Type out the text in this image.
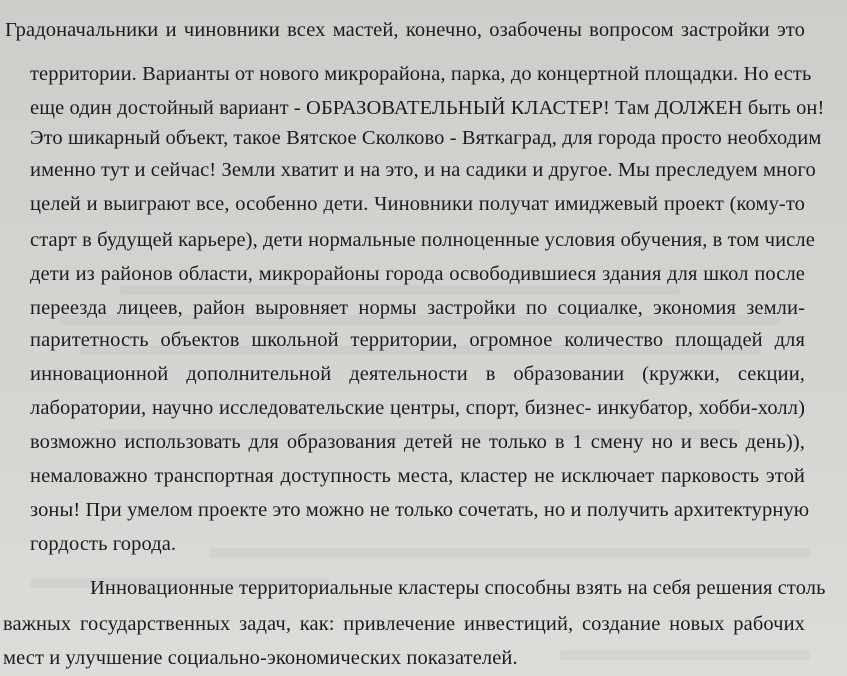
Градоначальники и чиновники всех мастей, конечно, озабочены вопросом застройки это
территории. Варианты от нового микрорайона, парка, до концертной площадки. Но есть
еще один достойный вариант - ОБРАЗОВАТЕЛЬНЫЙ КЛАСТЕР! Там ДОЛЖЕН быть он!
Это шикарный объект, такое Вятское Сколково - Вяткаград, для города просто необходим
именно тут и сейчас! Земли хватит и на это, и на садики и другое. Мы преследуем много
целей и выиграют все, особенно дети. Чиновники получат имиджевый проект (кому-то
старт в будущей карьере), дети нормальные полноценные условия обучения, в том числе
дети из районов области, микрорайоны города освободившиеся здания для школ после
переезда лицеев, район выровняет нормы застройки по социалке, экономия земли-
паритетность объектов школьной территории, огромное количество площадей для
инновационной дополнительной деятельности в образовании (кружки, секции,
лаборатории, научно исследовательские центры, спорт, бизнес- инкубатор, хобби-холл)
возможно использовать для образования детей не только в 1 смену но и весь день)),
немаловажно транспортная доступность места, кластер не исключает парковость этой
зоны! При умелом проекте это можно не только сочетать, но и получить архитектурную
гордость города.
Инновационные территориальные кластеры способны взять на себя решения столь
важных государственных задач, как: привлечение инвестиций, создание новых рабочих
мест и улучшение социально-экономических показателей.
